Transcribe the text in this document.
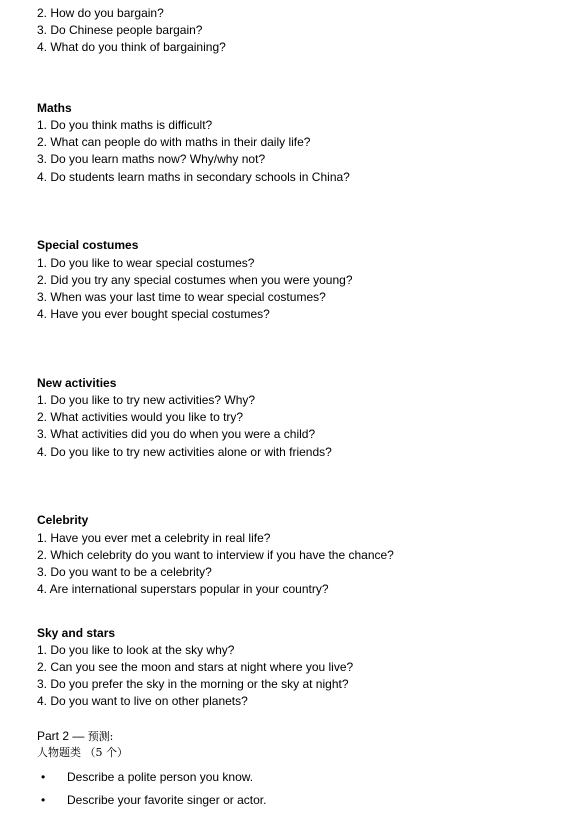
2. How do you bargain?
3. Do Chinese people bargain?
4. What do you think of bargaining?
Maths
1. Do you think maths is difficult?
2. What can people do with maths in their daily life?
3. Do you learn maths now? Why/why not?
4. Do students learn maths in secondary schools in China?
Special costumes
1. Do you like to wear special costumes?
2. Did you try any special costumes when you were young?
3. When was your last time to wear special costumes?
4. Have you ever bought special costumes?
New activities
1. Do you like to try new activities? Why?
2. What activities would you like to try?
3. What activities did you do when you were a child?
4. Do you like to try new activities alone or with friends?
Celebrity
1. Have you ever met a celebrity in real life?
2. Which celebrity do you want to interview if you have the chance?
3. Do you want to be a celebrity?
4. Are international superstars popular in your country?
Sky and stars
1. Do you like to look at the sky why?
2. Can you see the moon and stars at night where you live?
3. Do you prefer the sky in the morning or the sky at night?
4. Do you want to live on other planets?
Part 2 — 预测:
人物题类 （5 个）
• Describe a polite person you know.
• Describe your favorite singer or actor.
